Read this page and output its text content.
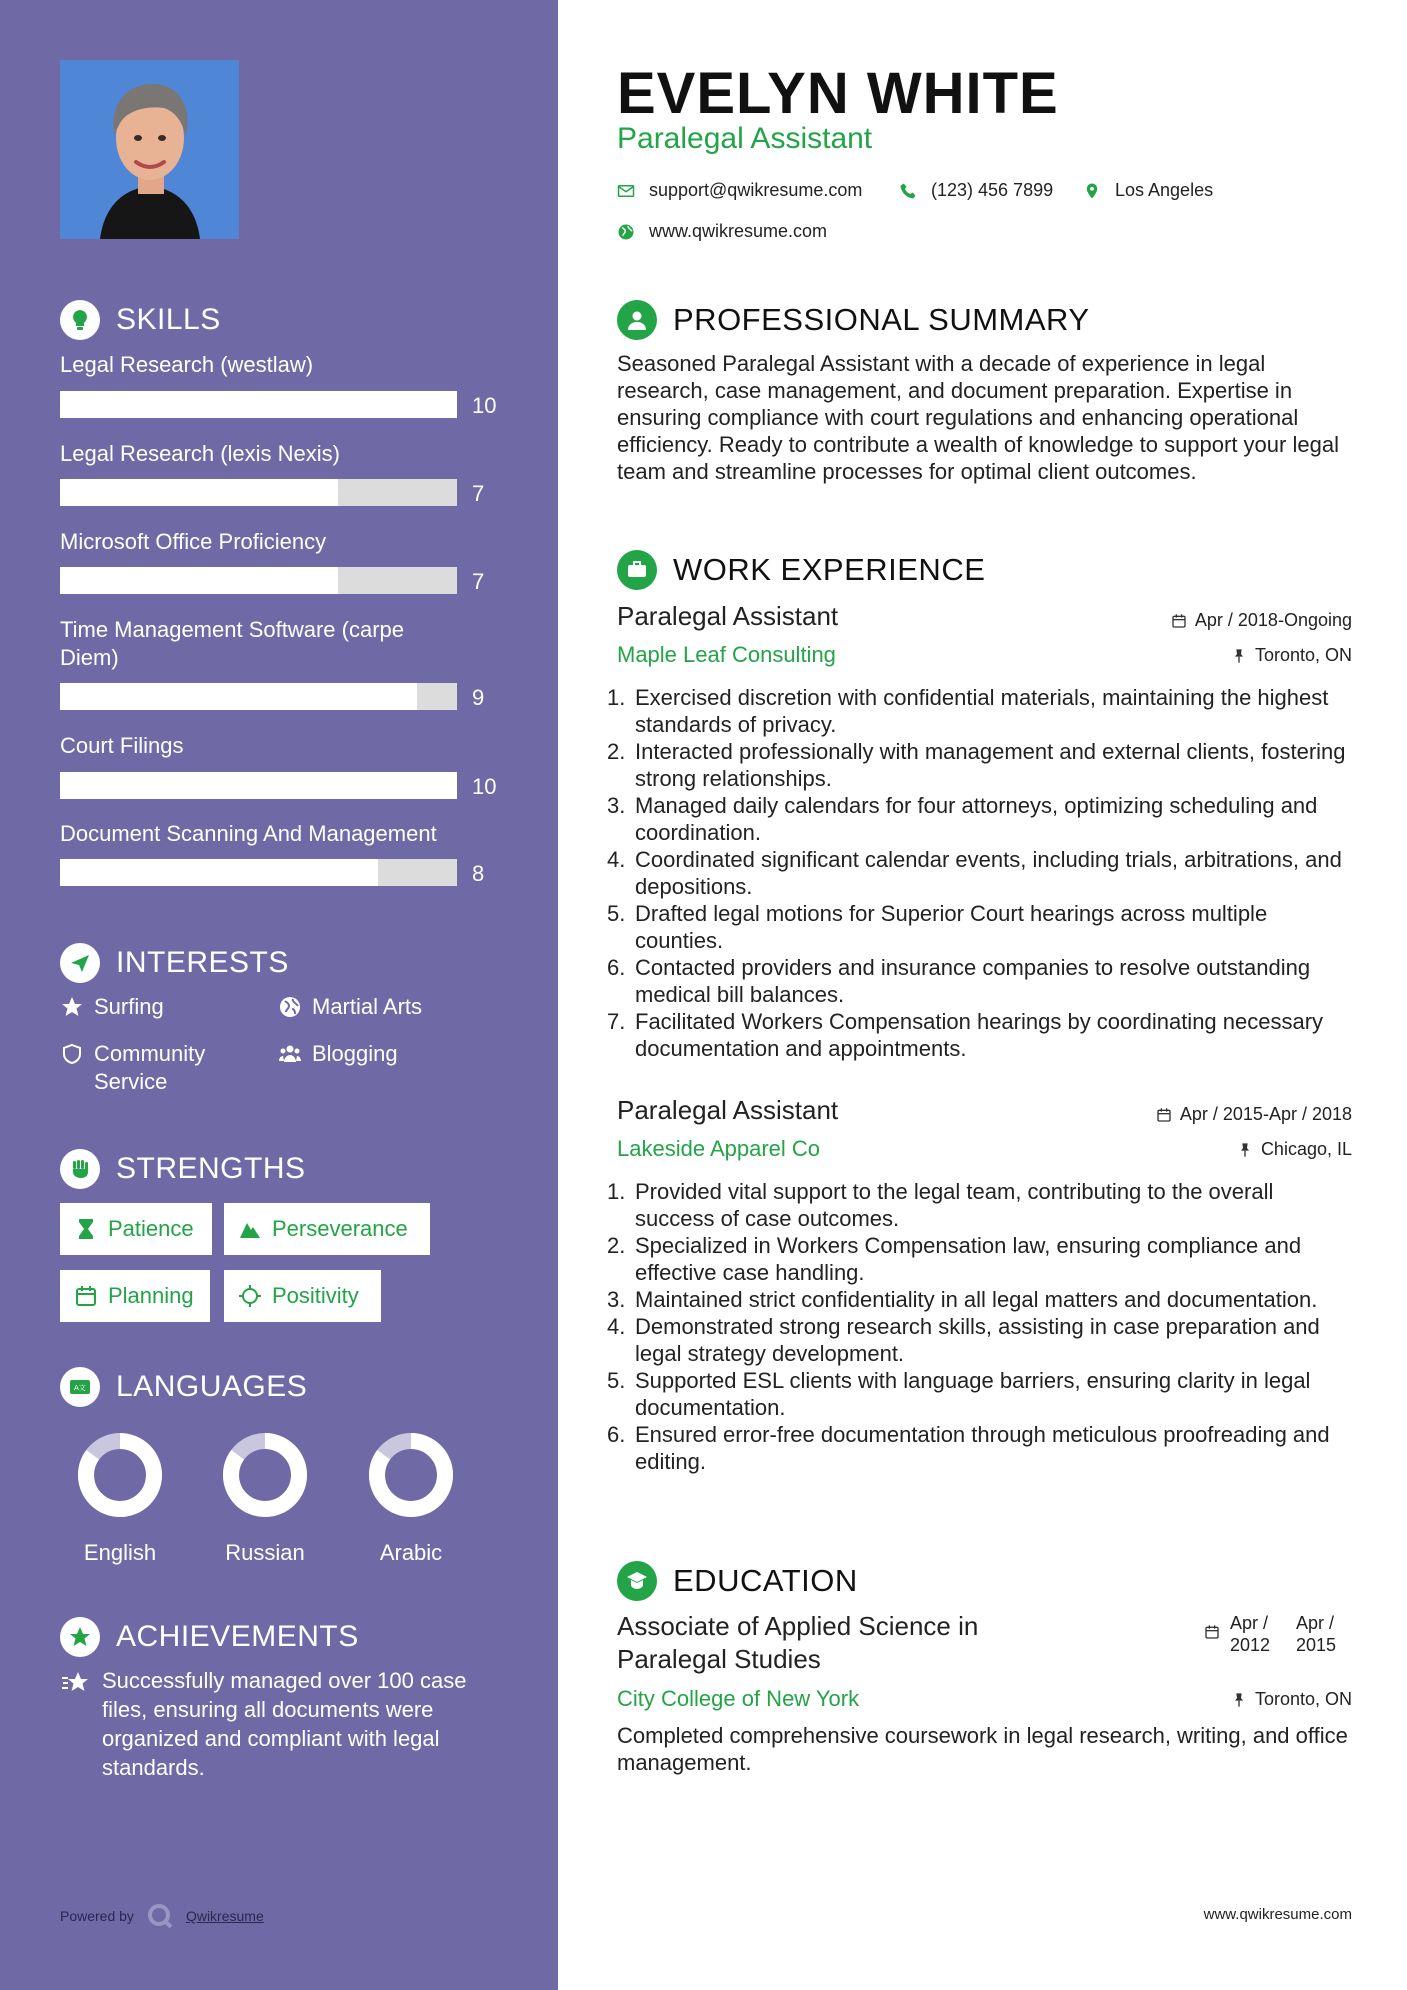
SKILLS
Legal Research (westlaw)
10
Legal Research (lexis Nexis)
7
Microsoft Office Proficiency
7
Time Management Software (carpe Diem)
9
Court Filings
10
Document Scanning And Management
8
INTERESTS
Surfing	Martial Arts
Community Service
Blogging
STRENGTHS
Patience	Perseverance
Planning	Positivity
A文 LANGUAGES
English	Russian	Arabic
ACHIEVEMENTS
Successfully managed over 100 case files, ensuring all documents were organized and compliant with legal standards.
Powered by	Qwikresume
EVELYN WHITE
Paralegal Assistant
support@qwikresume.com	(123) 456 7899	Los Angeles
www.qwikresume.com
PROFESSIONAL SUMMARY
Seasoned Paralegal Assistant with a decade of experience in legal research, case management, and document preparation. Expertise in ensuring compliance with court regulations and enhancing operational efficiency. Ready to contribute a wealth of knowledge to support your legal team and streamline processes for optimal client outcomes.
WORK EXPERIENCE
Paralegal Assistant
Maple Leaf Consulting
Apr / 2018-Ongoing
Toronto, ON
1. Exercised discretion with confidential materials, maintaining the highest standards of privacy.
2. Interacted professionally with management and external clients, fostering strong relationships.
3. Managed daily calendars for four attorneys, optimizing scheduling and coordination.
4. Coordinated significant calendar events, including trials, arbitrations, and depositions.
5. Drafted legal motions for Superior Court hearings across multiple counties.
6. Contacted providers and insurance companies to resolve outstanding medical bill balances.
7. Facilitated Workers Compensation hearings by coordinating necessary documentation and appointments.
Paralegal Assistant
Lakeside Apparel Co
Apr / 2015-Apr / 2018
Chicago, IL
1. Provided vital support to the legal team, contributing to the overall success of case outcomes.
2. Specialized in Workers Compensation law, ensuring compliance and effective case handling.
3. Maintained strict confidentiality in all legal matters and documentation.
4. Demonstrated strong research skills, assisting in case preparation and legal strategy development.
5. Supported ESL clients with language barriers, ensuring clarity in legal documentation.
6. Ensured error-free documentation through meticulous proofreading and editing.
EDUCATION
Associate of Applied Science in
Paralegal Studies
Apr / 2012
Apr / 2015
City College of New York	Toronto, ON
Completed comprehensive coursework in legal research, writing, and office management.
www.qwikresume.com
